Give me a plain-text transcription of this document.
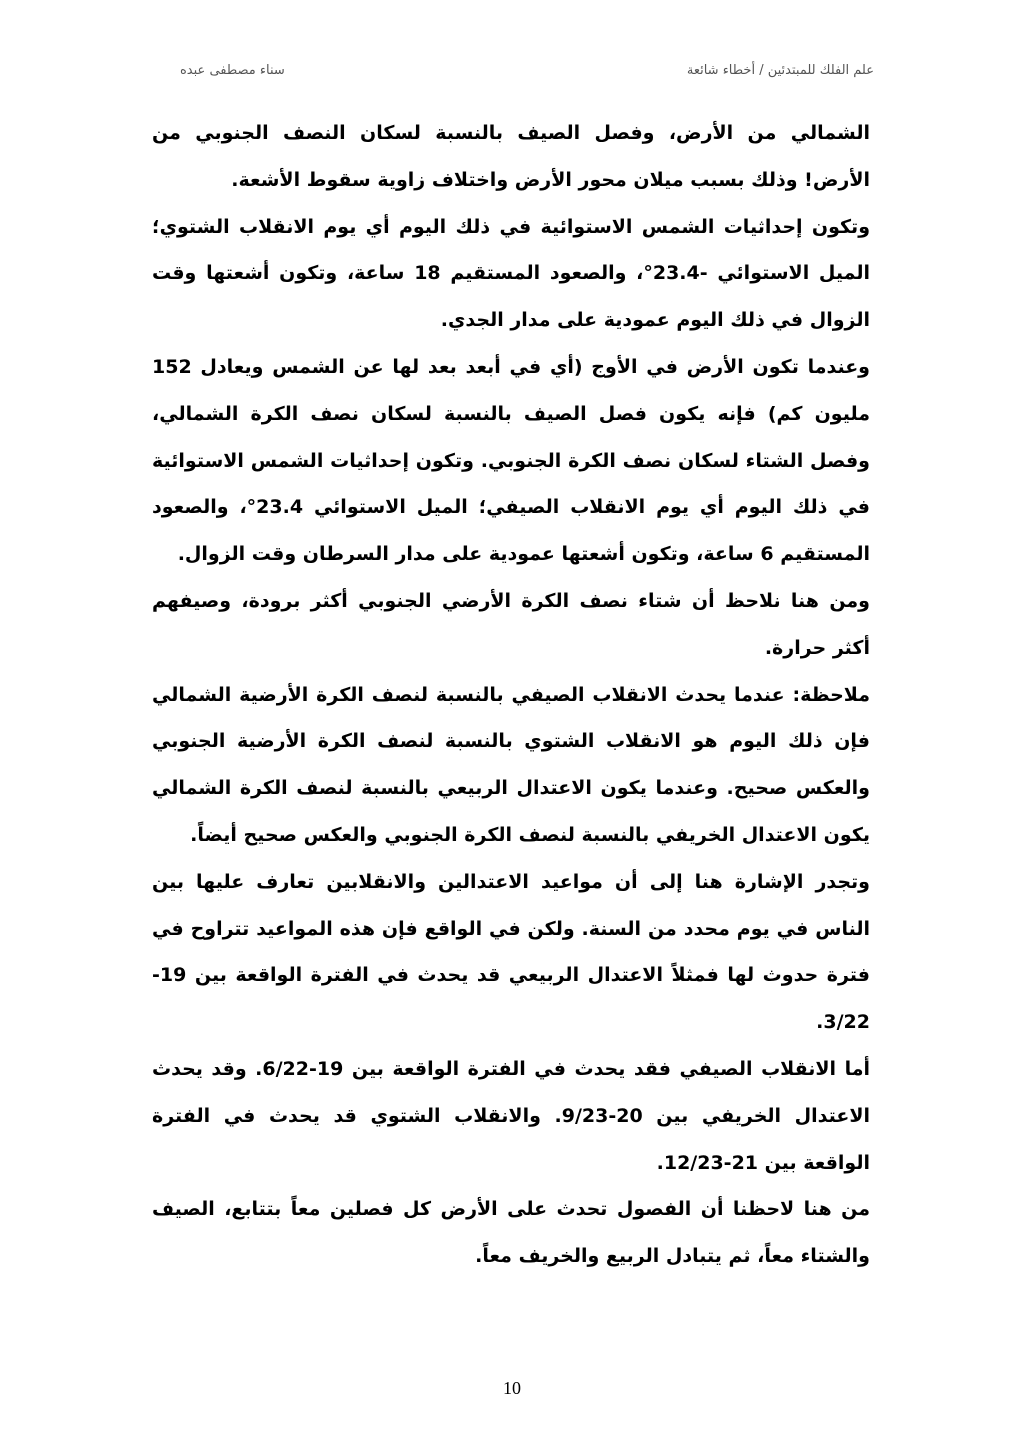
سناء مصطفى عبده	علم الفلك للمبتدئين / أخطاء شائعة

الشمالي من الأرض، وفصل الصيف بالنسبة لسكان النصف الجنوبي من الأرض! وذلك بسبب ميلان محور الأرض واختلاف زاوية سقوط الأشعة.

وتكون إحداثيات الشمس الاستوائية في ذلك اليوم أي يوم الانقلاب الشتوي؛ الميل الاستوائي -23.4°، والصعود المستقيم 18 ساعة، وتكون أشعتها وقت الزوال في ذلك اليوم عمودية على مدار الجدي.

وعندما تكون الأرض في الأوج (أي في أبعد بعد لها عن الشمس ويعادل 152 مليون كم) فإنه يكون فصل الصيف بالنسبة لسكان نصف الكرة الشمالي، وفصل الشتاء لسكان نصف الكرة الجنوبي. وتكون إحداثيات الشمس الاستوائية في ذلك اليوم أي يوم الانقلاب الصيفي؛ الميل الاستوائي 23.4°، والصعود المستقيم 6 ساعة، وتكون أشعتها عمودية على مدار السرطان وقت الزوال.

ومن هنا نلاحظ أن شتاء نصف الكرة الأرضي الجنوبي أكثر برودة، وصيفهم أكثر حرارة.

ملاحظة: عندما يحدث الانقلاب الصيفي بالنسبة لنصف الكرة الأرضية الشمالي فإن ذلك اليوم هو الانقلاب الشتوي بالنسبة لنصف الكرة الأرضية الجنوبي والعكس صحيح. وعندما يكون الاعتدال الربيعي بالنسبة لنصف الكرة الشمالي يكون الاعتدال الخريفي بالنسبة لنصف الكرة الجنوبي والعكس صحيح أيضاً.

وتجدر الإشارة هنا إلى أن مواعيد الاعتدالين والانقلابين تعارف عليها بين الناس في يوم محدد من السنة. ولكن في الواقع فإن هذه المواعيد تتراوح في فترة حدوث لها فمثلاً الاعتدال الربيعي قد يحدث في الفترة الواقعة بين 19-3/22.

أما الانقلاب الصيفي فقد يحدث في الفترة الواقعة بين 19-6/22. وقد يحدث الاعتدال الخريفي بين 20-9/23. والانقلاب الشتوي قد يحدث في الفترة الواقعة بين 21-12/23.

من هنا لاحظنا أن الفصول تحدث على الأرض كل فصلين معاً بتتابع، الصيف والشتاء معاً، ثم يتبادل الربيع والخريف معاً.

10
